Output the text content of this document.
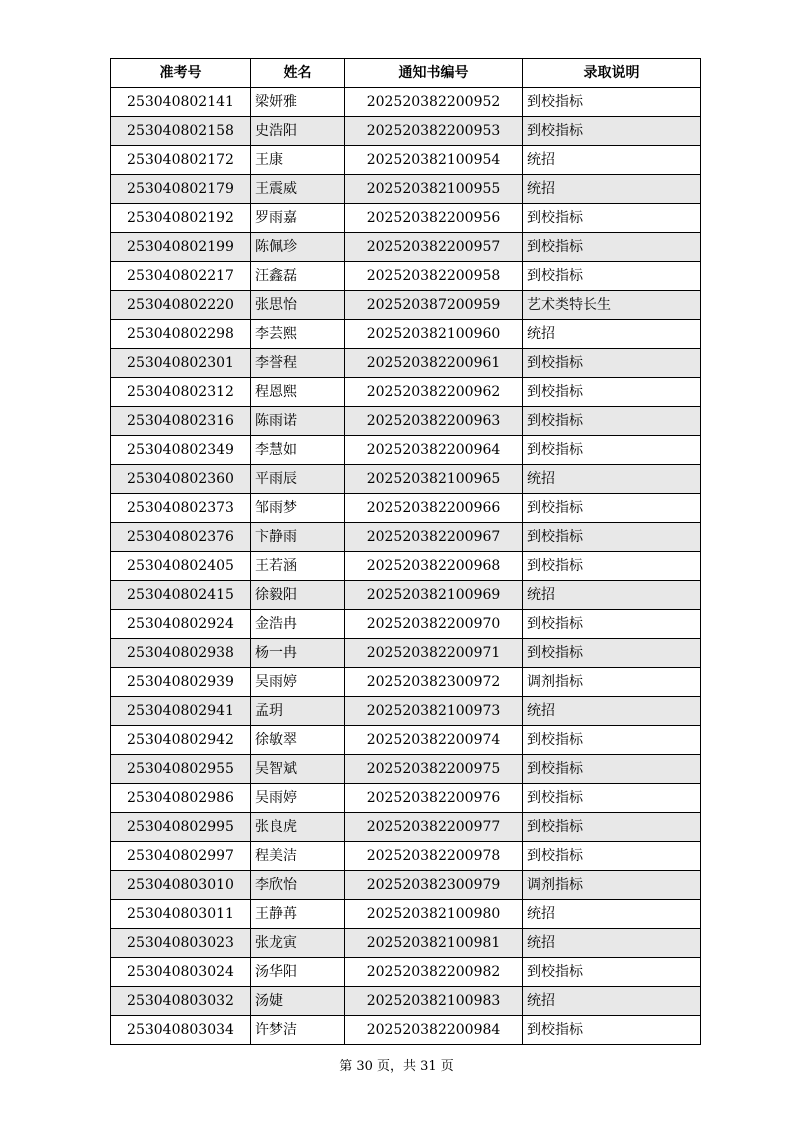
准考号	姓名	通知书编号	录取说明
253040802141	梁妍雅	202520382200952	到校指标
253040802158	史浩阳	202520382200953	到校指标
253040802172	王康	202520382100954	统招
253040802179	王震威	202520382100955	统招
253040802192	罗雨嘉	202520382200956	到校指标
253040802199	陈佩珍	202520382200957	到校指标
253040802217	汪鑫磊	202520382200958	到校指标
253040802220	张思怡	202520387200959	艺术类特长生
253040802298	李芸熙	202520382100960	统招
253040802301	李誉程	202520382200961	到校指标
253040802312	程恩熙	202520382200962	到校指标
253040802316	陈雨诺	202520382200963	到校指标
253040802349	李慧如	202520382200964	到校指标
253040802360	平雨辰	202520382100965	统招
253040802373	邹雨梦	202520382200966	到校指标
253040802376	卞静雨	202520382200967	到校指标
253040802405	王若涵	202520382200968	到校指标
253040802415	徐毅阳	202520382100969	统招
253040802924	金浩冉	202520382200970	到校指标
253040802938	杨一冉	202520382200971	到校指标
253040802939	吴雨婷	202520382300972	调剂指标
253040802941	孟玥	202520382100973	统招
253040802942	徐敏翠	202520382200974	到校指标
253040802955	吴智斌	202520382200975	到校指标
253040802986	吴雨婷	202520382200976	到校指标
253040802995	张良虎	202520382200977	到校指标
253040802997	程美洁	202520382200978	到校指标
253040803010	李欣怡	202520382300979	调剂指标
253040803011	王静苒	202520382100980	统招
253040803023	张龙寅	202520382100981	统招
253040803024	汤华阳	202520382200982	到校指标
253040803032	汤婕	202520382100983	统招
253040803034	许梦洁	202520382200984	到校指标
第 30 页，共 31 页
